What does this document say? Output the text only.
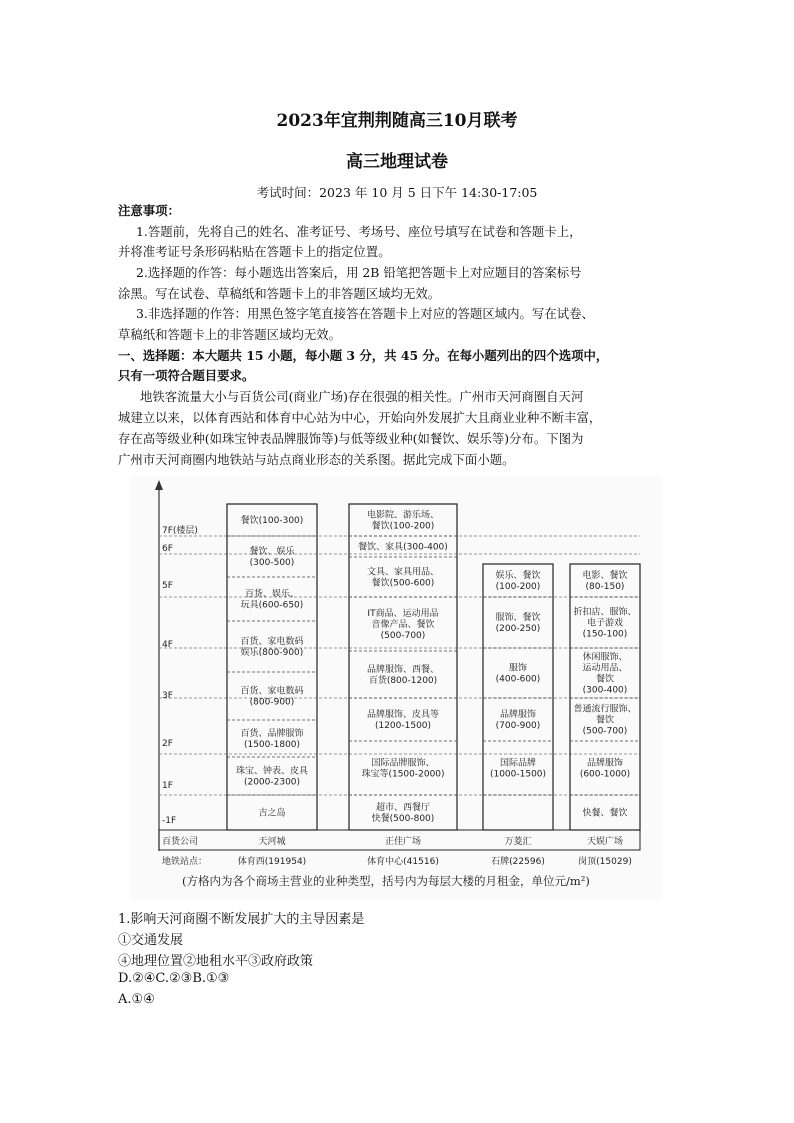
2023年宜荆荆随高三10月联考
高三地理试卷
考试时间：2023 年 10 月 5 日下午 14:30-17:05
注意事项：
1.答题前，先将自己的姓名、准考证号、考场号、座位号填写在试卷和答题卡上，
并将准考证号条形码粘贴在答题卡上的指定位置。
2.选择题的作答：每小题选出答案后，用 2B 铅笔把答题卡上对应题目的答案标号
涂黑。写在试卷、草稿纸和答题卡上的非答题区域均无效。
3.非选择题的作答：用黑色签字笔直接答在答题卡上对应的答题区域内。写在试卷、
草稿纸和答题卡上的非答题区域均无效。
一、选择题：本大题共 15 小题，每小题 3 分，共 45 分。在每小题列出的四个选项中，
只有一项符合题目要求。
地铁客流量大小与百货公司(商业广场)存在很强的相关性。广州市天河商圈自天河
城建立以来，以体育西站和体育中心站为中心，开始向外发展扩大且商业业种不断丰富，
存在高等级业种(如珠宝钟表品牌服饰等)与低等级业种(如餐饮、娱乐等)分布。下图为
广州市天河商圈内地铁站与站点商业形态的关系图。据此完成下面小题。
7F(楼层)
6F
5F
4F
3F
2F
1F
-1F
餐饮(100-300)
餐饮、娱乐(300-500)
百货、娱乐、玩具(600-650)
百货、家电数码娱乐(800-900)
百货、家电数码(800-900)
百货、品牌服饰(1500-1800)
珠宝、钟表、皮具(2000-2300)
吉之岛
电影院、游乐场、餐饮(100-200)
餐饮、家具(300-400)
文具、家具用品、餐饮(500-600)
IT商品、运动用品音像产品、餐饮(500-700)
品牌服饰、西餐、百货(800-1200)
品牌服饰、皮具等(1200-1500)
国际品牌服饰、珠宝等(1500-2000)
超市、西餐厅快餐(500-800)
娱乐、餐饮(100-200)
服饰、餐饮(200-250)
服饰(400-600)
品牌服饰(700-900)
国际品牌(1000-1500)
电影、餐饮(80-150)
折扣店、服饰、电子游戏(150-100)
休闲服饰、运动用品、餐饮(300-400)
普通流行服饰、餐饮(500-700)
品牌服饰(600-1000)
快餐、餐饮
百货公司
地铁站点：
天河城
体育西(191954)
正佳广场
体育中心(41516)
万菱汇
石牌(22596)
天娱广场
岗顶(15029)
(方格内为各个商场主营业的业种类型，括号内为每层大楼的月租金，单位元/m²)
1.影响天河商圈不断发展扩大的主导因素是
①交通发展
④地理位置②地租水平③政府政策
D.②④C.②③B.①③
A.①④
